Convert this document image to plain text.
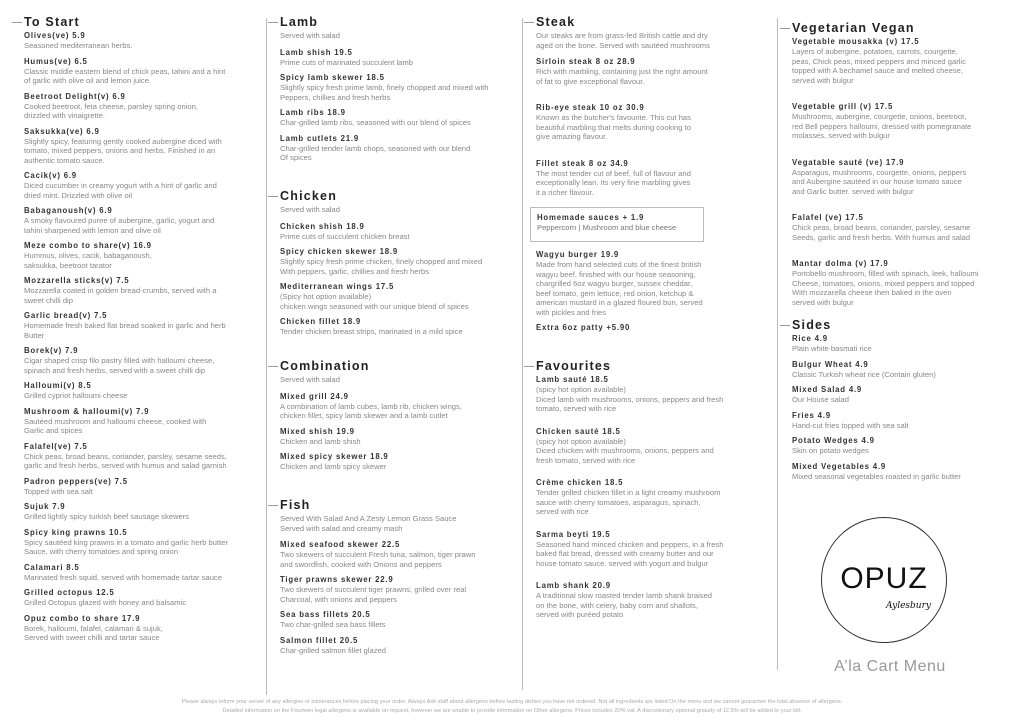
To Start
Olives(ve) 5.9
Seasoned mediterranean herbs.
Humus(ve) 6.5
Classic middle eastern blend of chick peas, tahini and a hint
of garlic with olive oil and lemon juice.
Beetroot Delight(v) 6.9
Cooked beetroot, feta cheese, parsley spring onion,
drizzled with vinaigrette.
Saksukka(ve) 6.9
Slightly spicy, featuring gently cooked aubergine diced with
tomato, mixed peppers, onions and herbs. Finished in an
authentic tomato sauce.
Cacik(v) 6.9
Diced cucumber in creamy yogurt with a hint of garlic and
dried mint. Drizzled with olive oil
Babaganoush(v) 6.9
A smoky flavoured puree of aubergine, garlic, yogurt and
tahini sharpened with lemon and olive oil
Meze combo to share(v) 16.9
Hummus, olives, cacik, babaganoush,
saksukka, beetroot tarator
Mozzarella sticks(v) 7.5
Mozzarella coated in golden bread-crumbs, served with a
sweet chilli dip
Garlic bread(v) 7.5
Homemade fresh baked flat bread soaked in garlic and herb
Butter
Borek(v) 7.9
Cigar shaped crisp filo pastry filled with halloumi cheese,
spinach and fresh herbs, served with a sweet chilli dip
Halloumi(v) 8.5
Grilled cypriot halloumi cheese
Mushroom & halloumi(v) 7.9
Sautéed mushroom and halloumi cheese, cooked with
Garlic and spices
Falafel(ve) 7.5
Chick peas, broad beans, coriander, parsley, sesame seeds,
garlic and fresh herbs, served with humus and salad garnish
Padron peppers(ve) 7.5
Topped with sea salt
Sujuk 7.9
Grilled lightly spicy turkish beef sausage skewers
Spicy king prawns 10.5
Spicy sautéed king prawns in a tomato and garlic herb butter
Sauce, with cherry tomatoes and spring onion
Calamari 8.5
Marinated fresh squid, served with homemade tartar sauce
Grilled octopus 12.5
Grilled Octopus glazed with honey and balsamic
Opuz combo to share 17.9
Borek, halloumi, falafel, calamari & sujuk,
Served with sweet chilli and tartar sauce
Lamb
Served with salad
Lamb shish 19.5
Prime cuts of marinated succulent lamb
Spicy lamb skewer 18.5
Slightly spicy fresh prime lamb, finely chopped and mixed with
Peppers, chillies and fresh herbs
Lamb ribs 18.9
Char-grilled lamb ribs, seasoned with our blend of spices
Lamb cutlets 21.9
Char-grilled tender lamb chops, seasoned with our blend
Of spices
Chicken
Served with salad
Chicken shish 18.9
Prime cuts of succulent chicken breast
Spicy chicken skewer 18.9
Slightly spicy fresh prime chicken, finely chopped and mixed
With peppers, garlic, chillies and fresh herbs
Mediterranean wings 17.5
(Spicy hot option available)
chicken wings seasoned with our unique blend of spices
Chicken fillet 18.9
Tender chicken breast strips, marinated in a mild spice
Combination
Served with salad
Mixed grill 24.9
A combination of lamb cubes, lamb rib, chicken wings,
chicken fillet, spicy lamb skewer and a lamb cutlet
Mixed shish 19.9
Chicken and lamb shish
Mixed spicy skewer 18.9
Chicken and lamb spicy skewer
Fish
Served With Salad And A Zesty Lemon Grass Sauce
Served with salad and creamy mash
Mixed seafood skewer 22.5
Two skewers of succulent Fresh tuna, salmon, tiger prawn
and swordfish, cooked with Onions and peppers
Tiger prawns skewer 22.9
Two skewers of succulent tiger prawns, grilled over real
Charcoal, with onions and peppers
Sea bass fillets 20.5
Two char-grilled sea bass fillets
Salmon fillet 20.5
Char-grilled salmon fillet glazed
Steak
Our steaks are from grass-fed British cattle and dry
aged on the bone. Served with sautéed mushrooms
Sirloin steak 8 oz 28.9
Rich with marbling, containing just the right amount
of fat to give exceptional flavour.
Rib-eye steak 10 oz 30.9
Known as the butcher's favourite. This cut has
beautiful marbling that melts during cooking to
give amazing flavour.
Fillet steak 8 oz 34.9
The most tender cut of beef, full of flavour and
exceptionally lean. Its very fine marbling gives
it a richer flavour.
Wagyu burger 19.9
Made from hand selected cuts of the finest british
wagyu beef, finished with our house seasoning,
chargrilled 6oz wagyu burger, sussex cheddar,
beef tomato, gem lettuce, red onion, ketchup &
american mustard in a glazed floured bun, served
with pickles and fries
Extra 6oz patty +5.90
Favourites
Lamb sauté 18.5
(spicy hot option available)
Diced lamb with mushrooms, onions, peppers and fresh
tomato, served with rice
Chicken sauté 18.5
(spicy hot option available)
Diced chicken with mushrooms, onions, peppers and
fresh tomato, served with rice
Crème chicken 18.5
Tender grilled chicken fillet in a light creamy mushroom
sauce with cherry tomatoes, asparagus, spinach,
served with rice
Sarma beyti 19.5
Seasoned hand minced chicken and peppers, in a fresh
baked flat bread, dressed with creamy butter and our
house tomato sauce. served with yogurt and bulgur
Lamb shank 20.9
A traditional slow roasted tender lamb shank braised
on the bone, with celery, baby corn and shallots,
served with puréed potato
Vegetarian Vegan
Vegetable mousakka (v) 17.5
Layers of aubergine, potatoes, carrots, courgette,
peas, Chick peas, mixed peppers and minced garlic
topped with A bechamel sauce and melted cheese,
served with bulgur
Vegetable grill (v) 17.5
Mushrooms, aubergine, courgette, onions, beetroot,
red Bell peppers halloumi, dressed with pomegranate
molasses, served with bulgur
Vegatable sauté (ve) 17.9
Asparagus, mushrooms, courgette, onions, peppers
and Aubergine sautéed in our house tomato sauce
and Garlic butter. served with bulgur
Falafel (ve) 17.5
Chick peas, broad beans, coriander, parsley, sesame
Seeds, garlic and fresh herbs. With humus and salad
Mantar dolma (v) 17.9
Portobello mushroom, filled with spinach, leek, halloumi
Cheese, tomatoes, onions, mixed peppers and topped
With mozzarella cheese then baked in the oven
served with bulgur
Sides
Rice 4.9
Plain white basmati rice
Bulgur Wheat 4.9
Classic Turkish wheat rice (Contain gluten)
Mixed Salad 4.9
Our House salad
Fries 4.9
Hand-cut fries topped with sea salt
Potato Wedges 4.9
Skin on potato wedges
Mixed Vegetables 4.9
Mixed seasonal vegetables roasted in garlic butter
Homemade sauces + 1.9
Peppercorn | Mushroom and blue cheese
OPUZ
Aylesbury
A’la Cart Menu
Please always inform your server of any allergies or intolerances before placing your order. Always Ask staff about allergens before tasting dishes you have not ordered. Not all ingredients are listed On the menu and we cannot guarantee the total absence of allergens.
Detailed information on the Fourteen legal allergens is available on request, however we are unable to provide information on Other allergens. Prices includes 20% vat. A discretionary optional gratuity of 12.5% will be added to your bill.
